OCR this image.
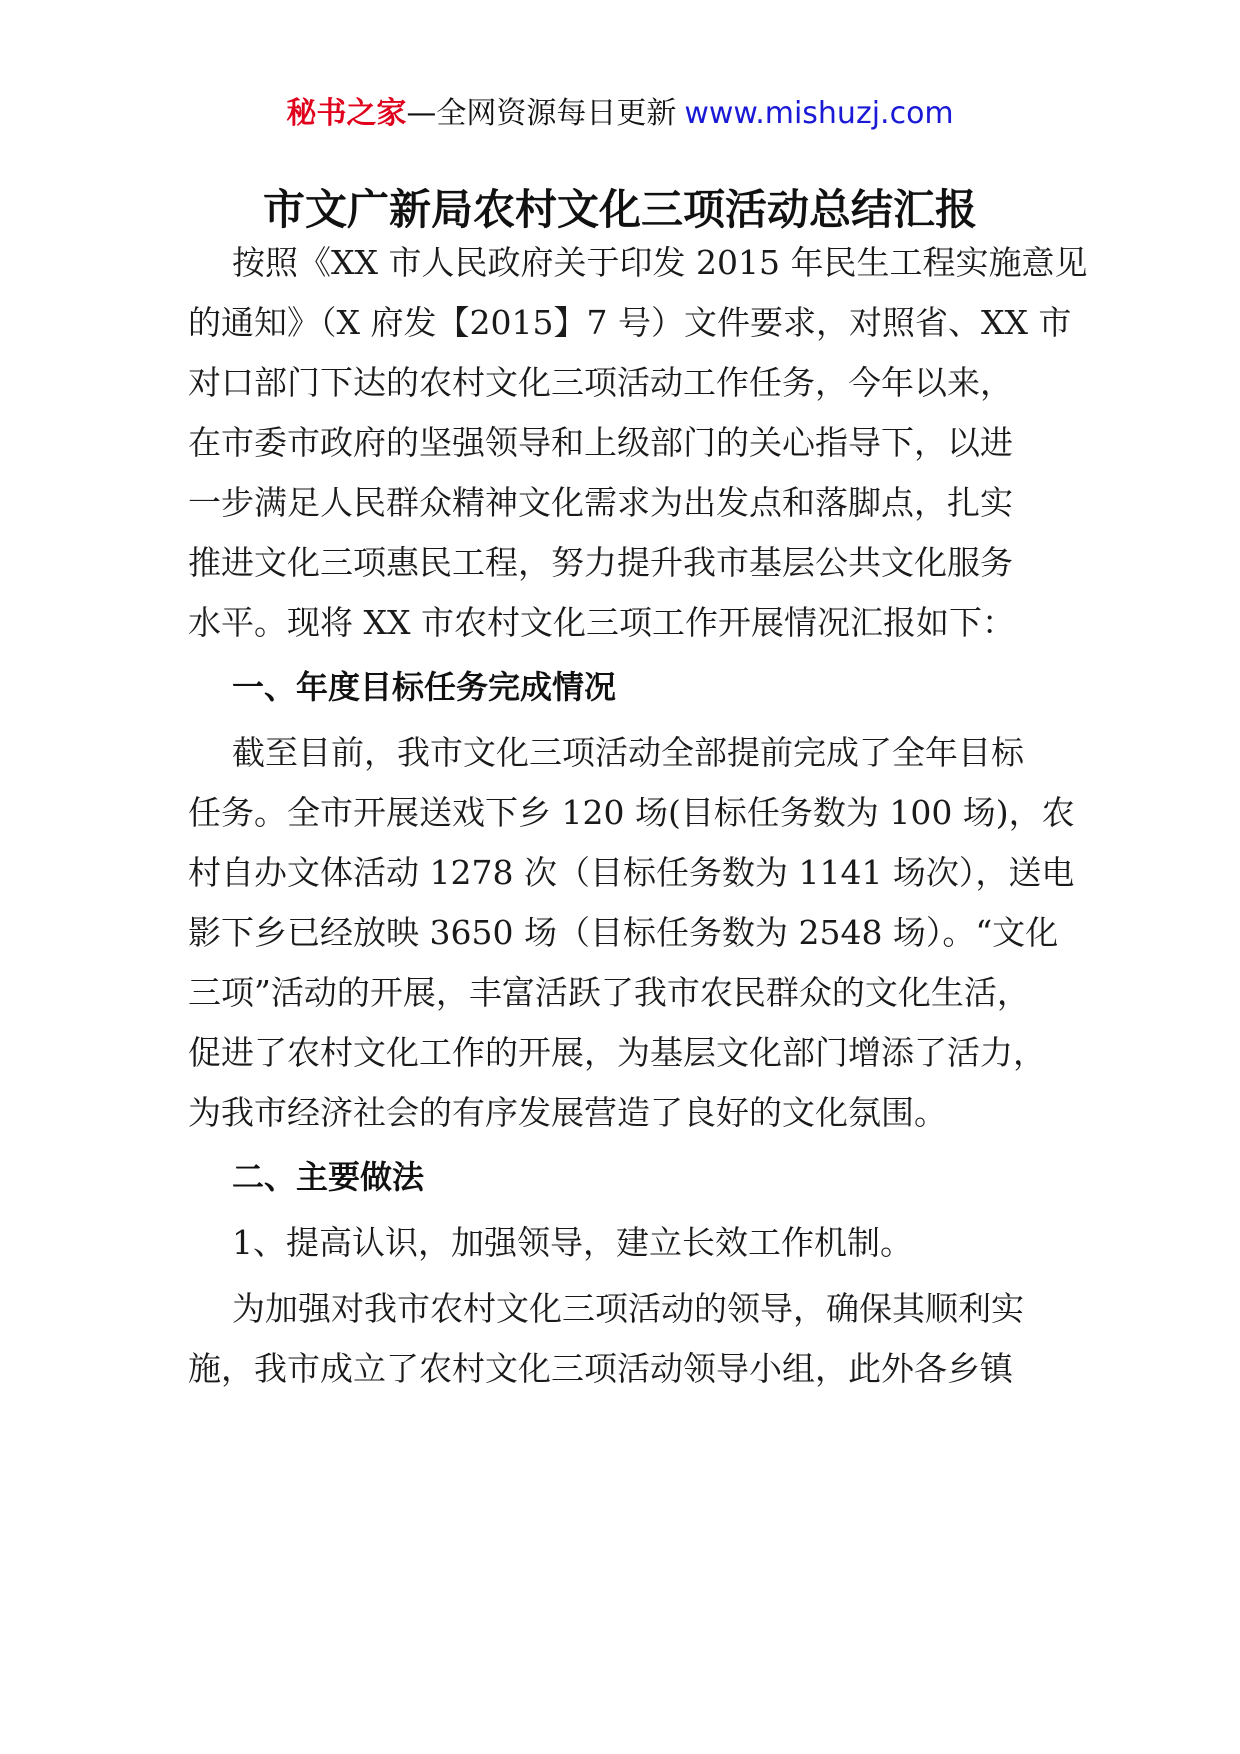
秘书之家—全网资源每日更新 www.mishuzj.com
市文广新局农村文化三项活动总结汇报
按照《XX 市人民政府关于印发 2015 年民生工程实施意见
的通知》（X 府发【2015】7 号）文件要求，对照省、XX 市
对口部门下达的农村文化三项活动工作任务，今年以来，
在市委市政府的坚强领导和上级部门的关心指导下，以进
一步满足人民群众精神文化需求为出发点和落脚点，扎实
推进文化三项惠民工程，努力提升我市基层公共文化服务
水平。现将 XX 市农村文化三项工作开展情况汇报如下：
一、年度目标任务完成情况
截至目前，我市文化三项活动全部提前完成了全年目标
任务。全市开展送戏下乡 120 场(目标任务数为 100 场)，农
村自办文体活动 1278 次（目标任务数为 1141 场次），送电
影下乡已经放映 3650 场（目标任务数为 2548 场）。“文化
三项”活动的开展，丰富活跃了我市农民群众的文化生活，
促进了农村文化工作的开展，为基层文化部门增添了活力，
为我市经济社会的有序发展营造了良好的文化氛围。
二、主要做法
1、提高认识，加强领导，建立长效工作机制。
为加强对我市农村文化三项活动的领导，确保其顺利实
施，我市成立了农村文化三项活动领导小组，此外各乡镇
